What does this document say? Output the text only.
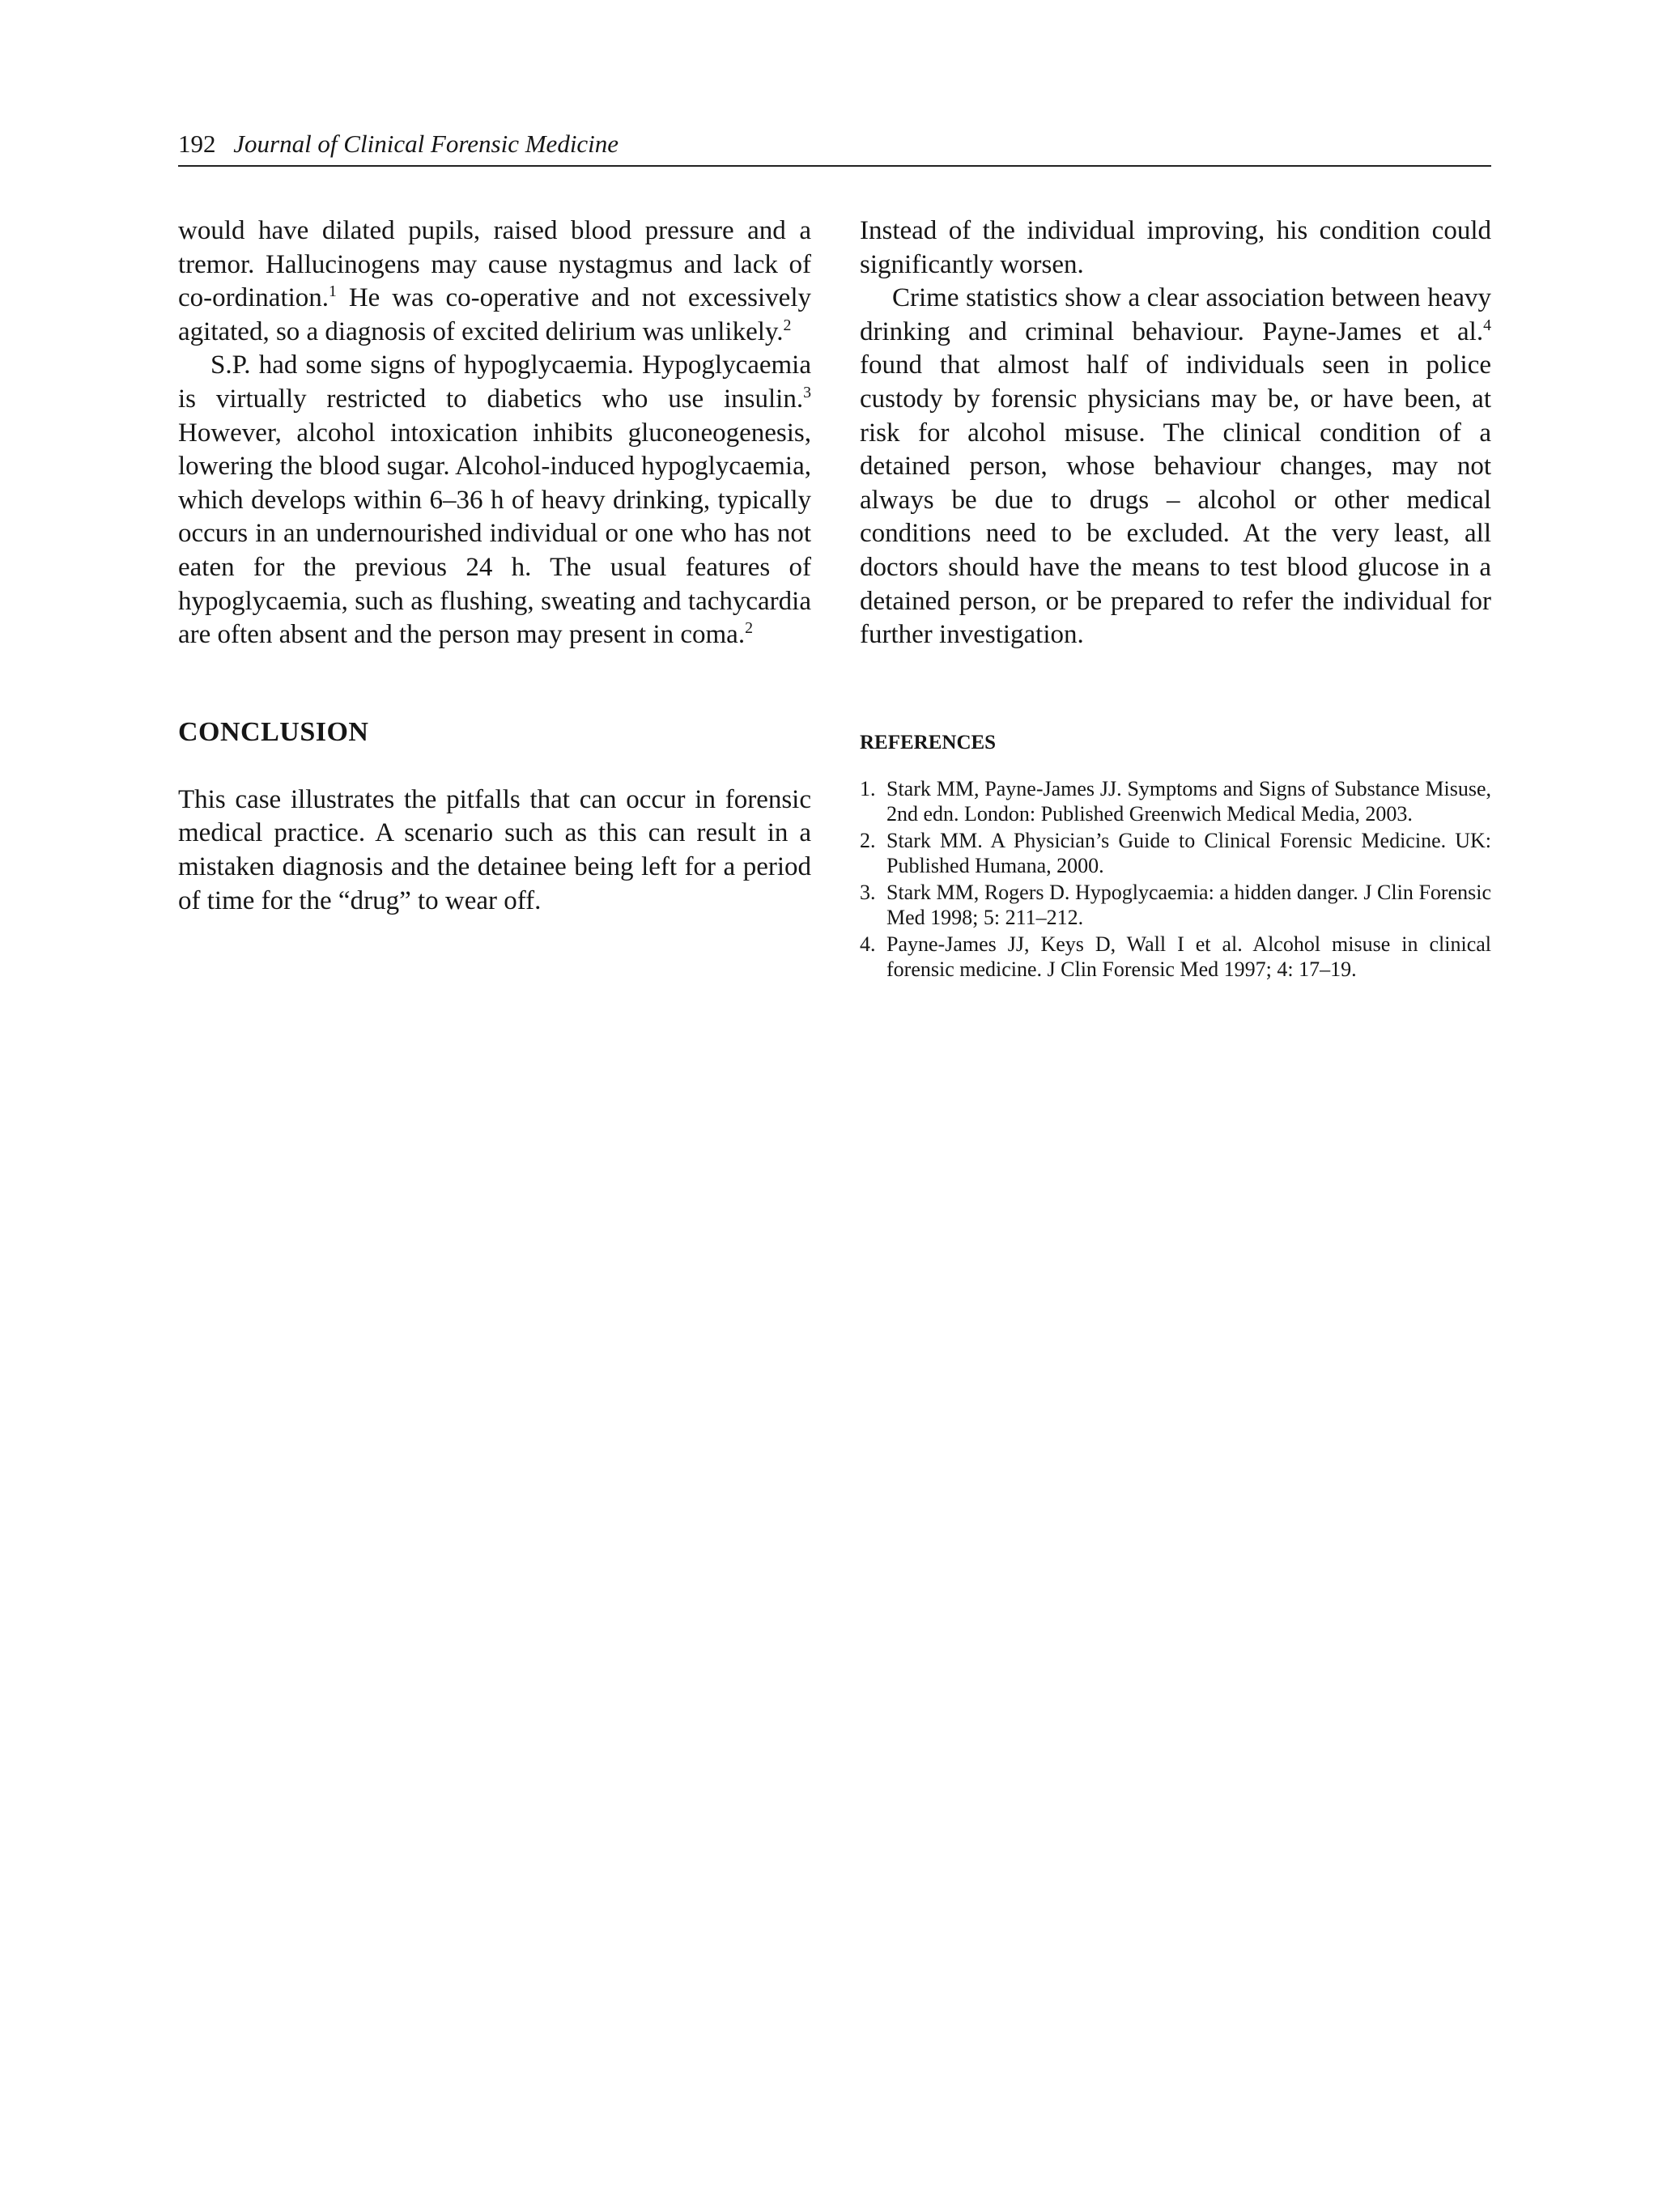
192 Journal of Clinical Forensic Medicine

would have dilated pupils, raised blood pressure and a tremor. Hallucinogens may cause nystagmus and lack of co-ordination.$^1$ He was co-operative and not excessively agitated, so a diagnosis of excited delirium was unlikely.$^2$

S.P. had some signs of hypoglycaemia. Hypoglycaemia is virtually restricted to diabetics who use insulin.$^3$ However, alcohol intoxication inhibits gluconeogenesis, lowering the blood sugar. Alcohol-induced hypoglycaemia, which develops within 6–36 h of heavy drinking, typically occurs in an undernourished individual or one who has not eaten for the previous 24 h. The usual features of hypoglycaemia, such as flushing, sweating and tachycardia are often absent and the person may present in coma.$^2$

CONCLUSION

This case illustrates the pitfalls that can occur in forensic medical practice. A scenario such as this can result in a mistaken diagnosis and the detainee being left for a period of time for the “drug” to wear off.

Instead of the individual improving, his condition could significantly worsen.

Crime statistics show a clear association between heavy drinking and criminal behaviour. Payne-James et al.$^4$ found that almost half of individuals seen in police custody by forensic physicians may be, or have been, at risk for alcohol misuse. The clinical condition of a detained person, whose behaviour changes, may not always be due to drugs – alcohol or other medical conditions need to be excluded. At the very least, all doctors should have the means to test blood glucose in a detained person, or be prepared to refer the individual for further investigation.

REFERENCES
1. Stark MM, Payne-James JJ. Symptoms and Signs of Substance Misuse, 2nd edn. London: Published Greenwich Medical Media, 2003.
2. Stark MM. A Physician’s Guide to Clinical Forensic Medicine. UK: Published Humana, 2000.
3. Stark MM, Rogers D. Hypoglycaemia: a hidden danger. J Clin Forensic Med 1998; 5: 211–212.
4. Payne-James JJ, Keys D, Wall I et al. Alcohol misuse in clinical forensic medicine. J Clin Forensic Med 1997; 4: 17–19.
